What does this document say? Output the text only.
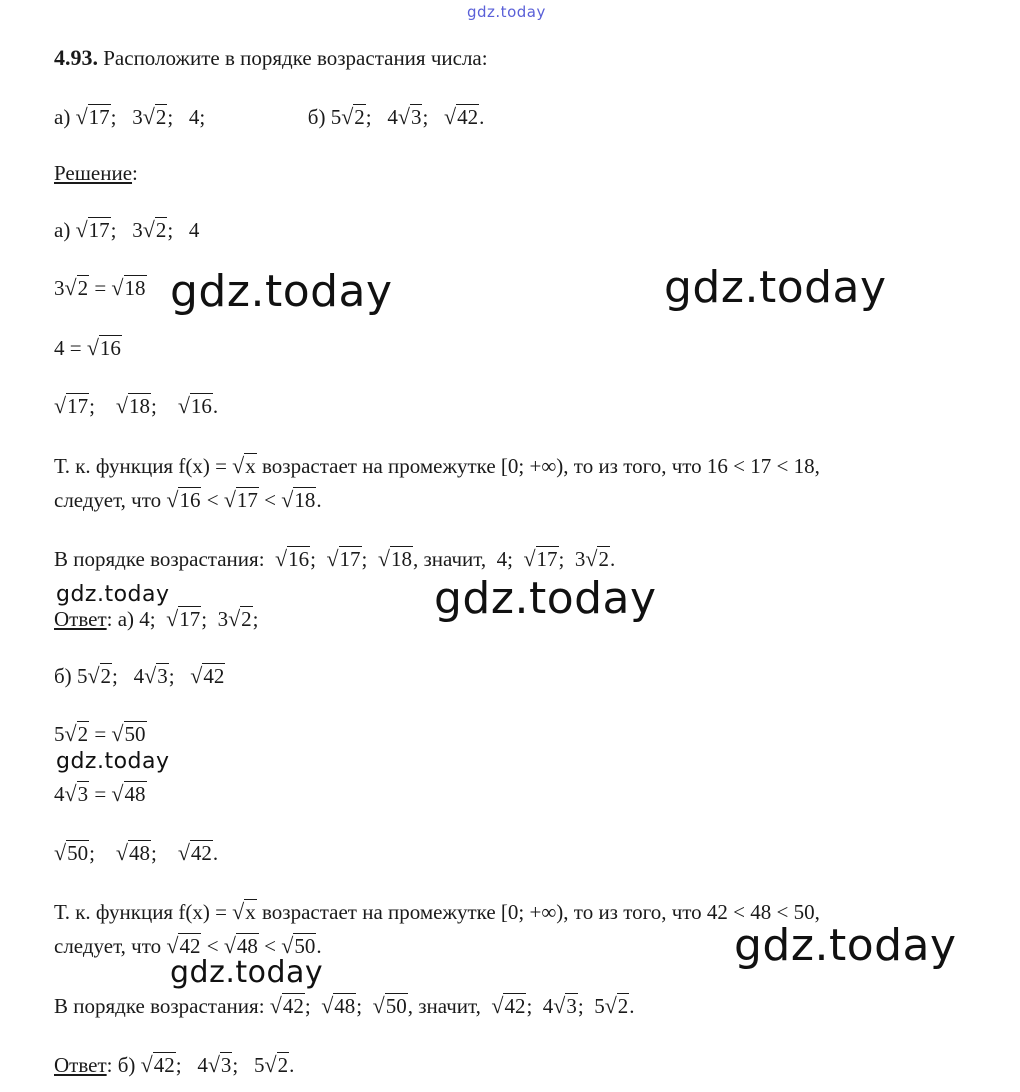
gdz.today
4.93. Расположите в порядке возрастания числа:
а) √17;   3√2;   4;	б) 5√2;   4√3;   √42.
Решение:
а) √17;   3√2;   4
3√2 = √18 gdz.today	gdz.today
4 = √16
√17;    √18;    √16.
Т. к. функция f(x) = √x возрастает на промежутке [0; +∞), то из того, что 16 < 17 < 18,
следует, что √16 < √17 < √18.
В порядке возрастания: √16;  √17;  √18, значит, 4;  √17;  3√2.
gdz.today	gdz.today
Ответ: а) 4; √17;  3√2;
б) 5√2;   4√3;   √42
5√2 = √50
gdz.today
4√3 = √48
√50;    √48;    √42.
Т. к. функция f(x) = √x возрастает на промежутке [0; +∞), то из того, что 42 < 48 < 50,
следует, что √42 < √48 < √50.	gdz.today
gdz.today
В порядке возрастания: √42;  √48;  √50, значит, √42;  4√3;  5√2.
Ответ: б) √42;   4√3;   5√2.
